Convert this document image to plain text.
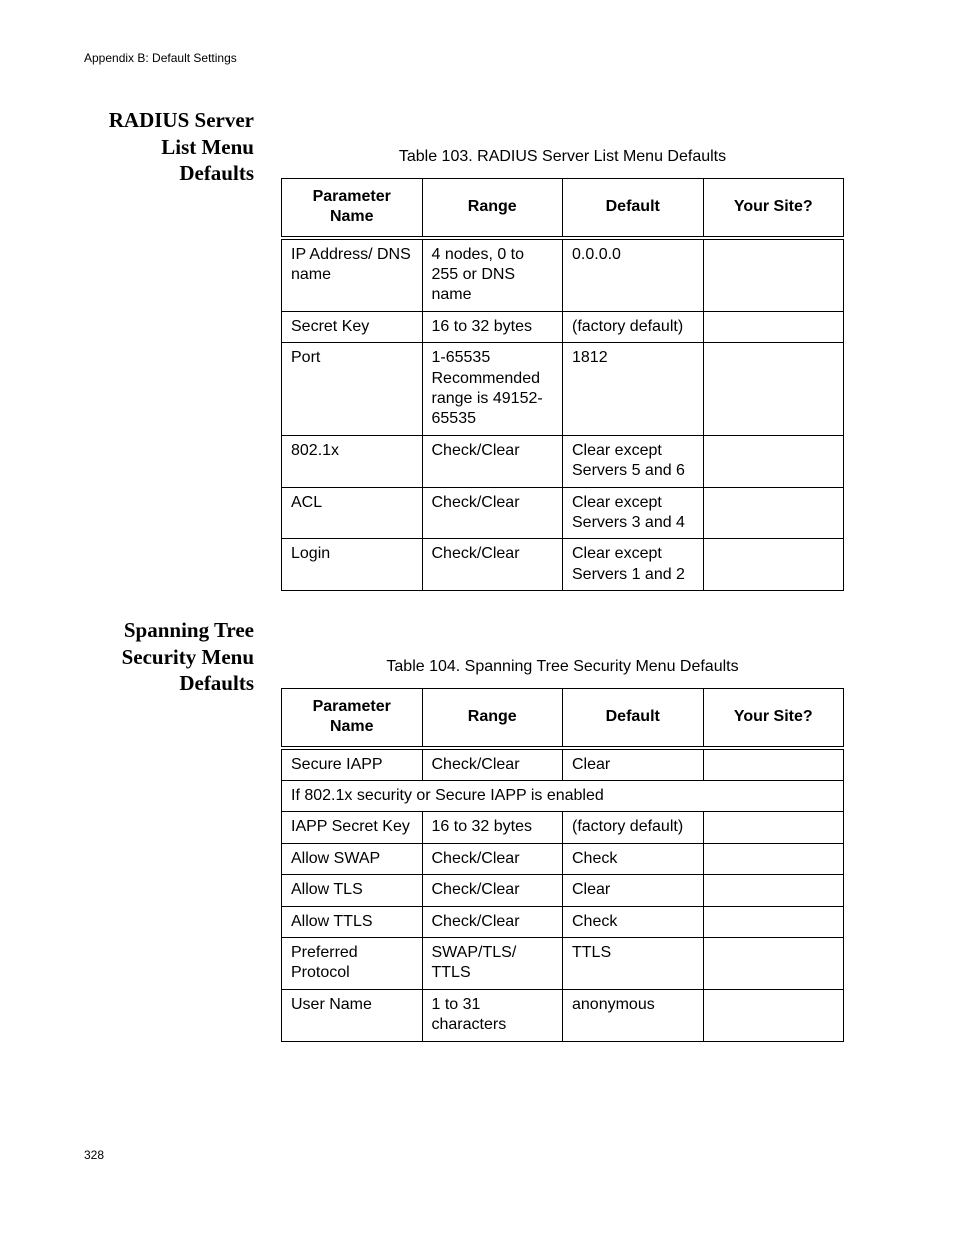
Appendix B: Default Settings
RADIUS Server
List Menu
Defaults
Table 103. RADIUS Server List Menu Defaults
Parameter Name	Range	Default	Your Site?
IP Address/ DNS name	4 nodes, 0 to 255 or DNS name	0.0.0.0	
Secret Key	16 to 32 bytes	(factory default)	
Port	1-65535 Recommended range is 49152-65535	1812	
802.1x	Check/Clear	Clear except Servers 5 and 6	
ACL	Check/Clear	Clear except Servers 3 and 4	
Login	Check/Clear	Clear except Servers 1 and 2	
Spanning Tree
Security Menu
Defaults
Table 104. Spanning Tree Security Menu Defaults
Parameter Name	Range	Default	Your Site?
Secure IAPP	Check/Clear	Clear	
If 802.1x security or Secure IAPP is enabled			
IAPP Secret Key	16 to 32 bytes	(factory default)	
Allow SWAP	Check/Clear	Check	
Allow TLS	Check/Clear	Clear	
Allow TTLS	Check/Clear	Check	
Preferred Protocol	SWAP/TLS/ TTLS	TTLS	
User Name	1 to 31 characters	anonymous	
328
